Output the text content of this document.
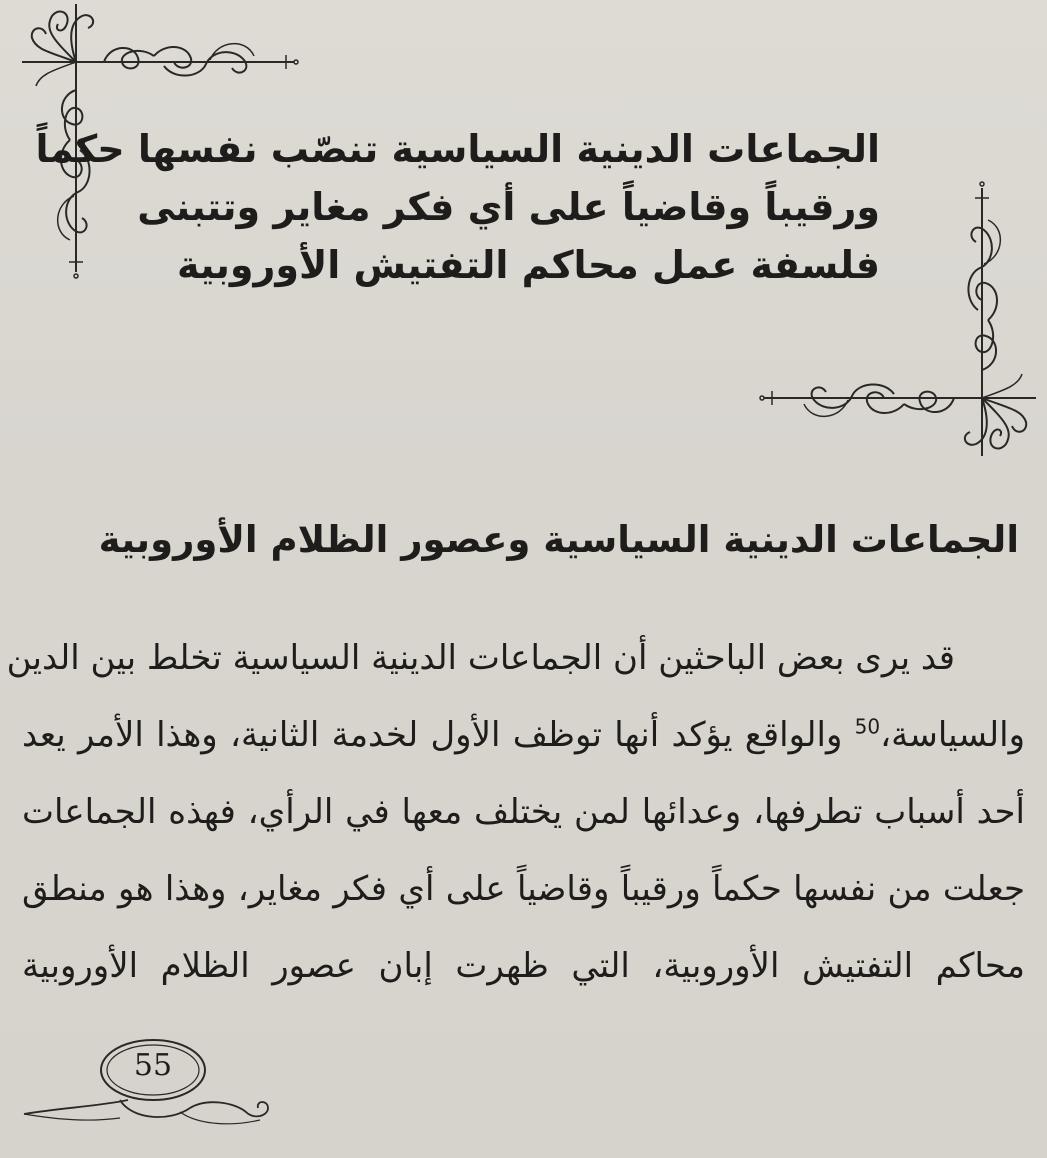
الجماعات الدينية السياسية تنصّب نفسها حكماً
ورقيباً وقاضياً على أي فكر مغاير وتتبنى
فلسفة عمل محاكم التفتيش الأوروبية
الجماعات الدينية السياسية وعصور الظلام الأوروبية
قد يرى بعض الباحثين أن الجماعات الدينية السياسية تخلط بين الدين
والسياسة،$^{50}$ والواقع يؤكد أنها توظف الأول لخدمة الثانية، وهذا الأمر يعد
أحد أسباب تطرفها، وعدائها لمن يختلف معها في الرأي، فهذه الجماعات
جعلت من نفسها حكماً ورقيباً وقاضياً على أي فكر مغاير، وهذا هو منطق
محاكم التفتيش الأوروبية، التي ظهرت إبان عصور الظلام الأوروبية
55
